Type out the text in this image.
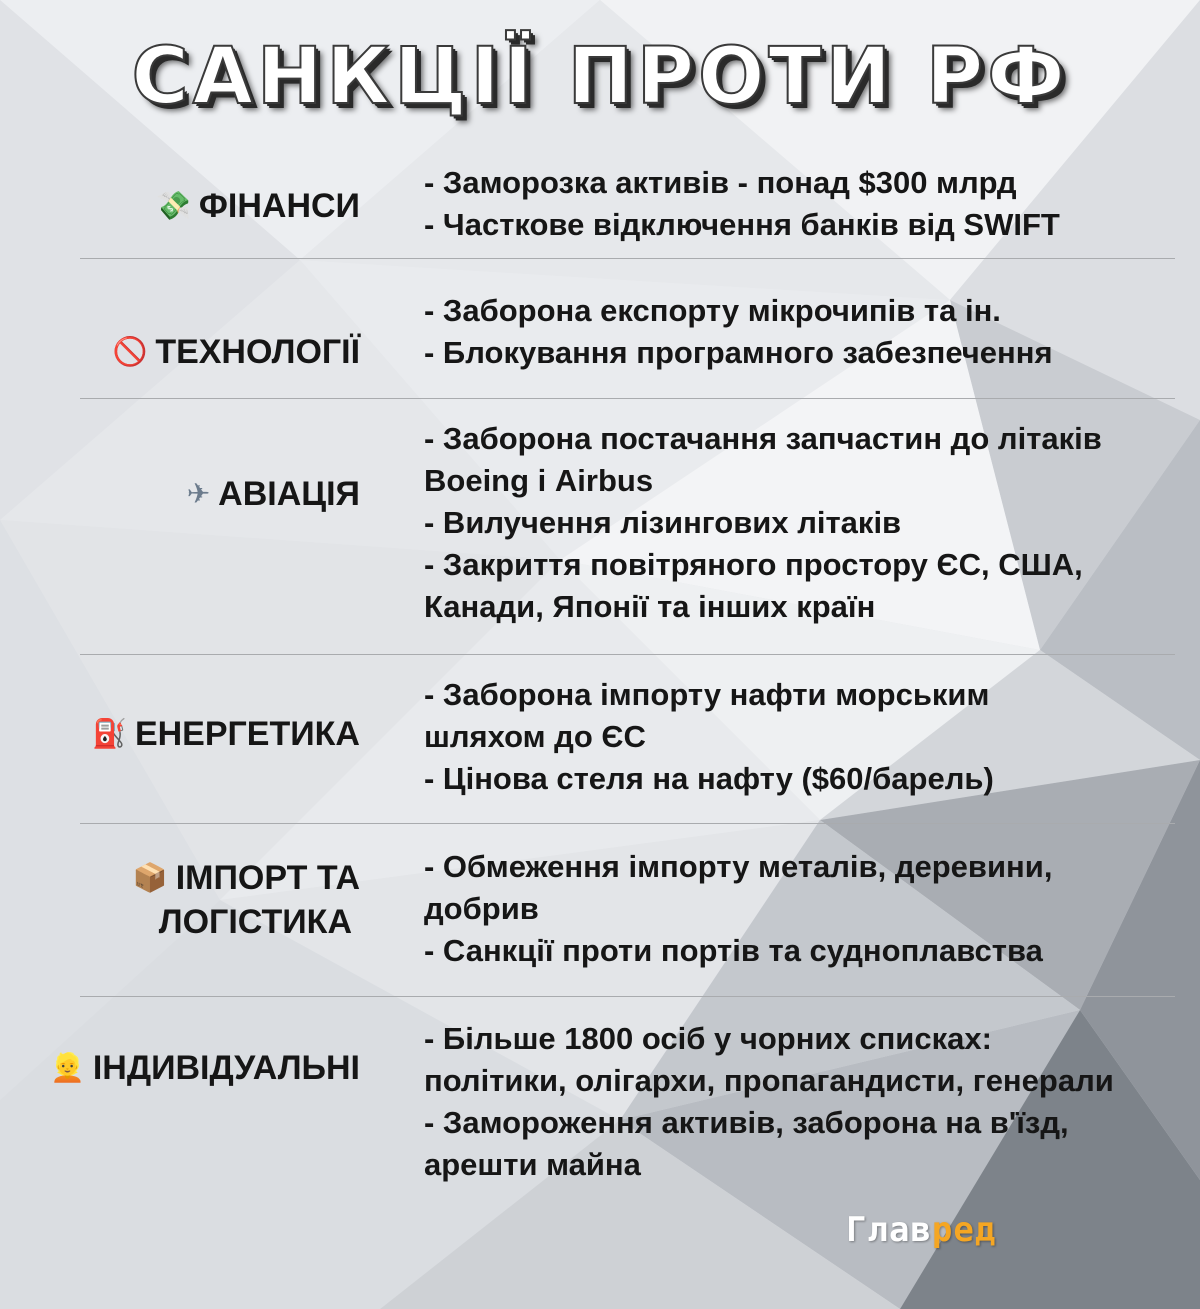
САНКЦІЇ ПРОТИ РФ
💸 ФІНАНСИ
- Заморозка активів - понад $300 млрд
- Часткове відключення банків від SWIFT
🚫 ТЕХНОЛОГІЇ
- Заборона експорту мікрочипів та ін.
- Блокування програмного забезпечення
✈ АВІАЦІЯ
- Заборона постачання запчастин до літаків
Boeing і Airbus
- Вилучення лізингових літаків
- Закриття повітряного простору ЄС, США,
Канади, Японії та інших країн
⛽ ЕНЕРГЕТИКА
- Заборона імпорту нафти морським
шляхом до ЄС
- Цінова стеля на нафту ($60/барель)
📦 ІМПОРТ ТА
ЛОГІСТИКА
- Обмеження імпорту металів, деревини,
добрив
- Санкції проти портів та судноплавства
👱 ІНДИВІДУАЛЬНІ
- Більше 1800 осіб у чорних списках:
політики, олігархи, пропагандисти, генерали
- Замороження активів, заборона на в'їзд,
арешти майна
Главред
